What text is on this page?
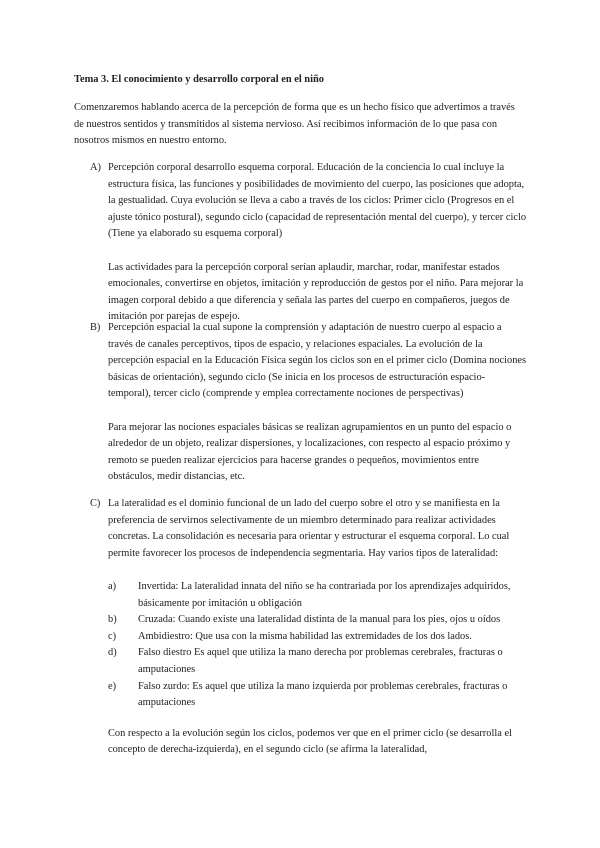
Tema 3. El conocimiento y desarrollo corporal en el niño

Comenzaremos hablando acerca de la percepción de forma que es un hecho físico que advertimos a través de nuestros sentidos y transmitidos al sistema nervioso. Así recibimos información de lo que pasa con nosotros mismos en nuestro entorno.

A) Percepción corporal desarrollo esquema corporal. Educación de la conciencia lo cual incluye la estructura física, las funciones y posibilidades de movimiento del cuerpo, las posiciones que adopta, la gestualidad. Cuya evolución se lleva a cabo a través de los ciclos: Primer ciclo (Progresos en el ajuste tónico postural), segundo ciclo (capacidad de representación mental del cuerpo), y tercer ciclo (Tiene ya elaborado su esquema corporal)

Las actividades para la percepción corporal serían aplaudir, marchar, rodar, manifestar estados emocionales, convertirse en objetos, imitación y reproducción de gestos por el niño. Para mejorar la imagen corporal debido a que diferencia y señala las partes del cuerpo en compañeros, juegos de imitación por parejas de espejo.

B) Percepción espacial la cual supone la comprensión y adaptación de nuestro cuerpo al espacio a través de canales perceptivos, tipos de espacio, y relaciones espaciales. La evolución de la percepción espacial en la Educación Física según los ciclos son en el primer ciclo (Domina nociones básicas de orientación), segundo ciclo (Se inicia en los procesos de estructuración espacio-temporal), tercer ciclo (comprende y emplea correctamente nociones de perspectivas)

Para mejorar las nociones espaciales básicas se realizan agrupamientos en un punto del espacio o alrededor de un objeto, realizar dispersiones, y localizaciones, con respecto al espacio próximo y remoto se pueden realizar ejercicios para hacerse grandes o pequeños, movimientos entre obstáculos, medir distancias, etc.

C) La lateralidad es el dominio funcional de un lado del cuerpo sobre el otro y se manifiesta en la preferencia de servirnos selectivamente de un miembro determinado para realizar actividades concretas. La consolidación es necesaria para orientar y estructurar el esquema corporal. Lo cual permite favorecer los procesos de independencia segmentaria. Hay varios tipos de lateralidad:

a)	Invertida: La lateralidad innata del niño se ha contrariada por los aprendizajes adquiridos, básicamente por imitación u obligación
b)	Cruzada: Cuando existe una lateralidad distinta de la manual para los pies, ojos u oídos
c)	Ambidiestro: Que usa con la misma habilidad las extremidades de los dos lados.
d)	Falso diestro Es aquel que utiliza la mano derecha por problemas cerebrales, fracturas o amputaciones
e)	Falso zurdo: Es aquel que utiliza la mano izquierda por problemas cerebrales, fracturas o amputaciones

Con respecto a la evolución según los ciclos, podemos ver que en el primer ciclo (se desarrolla el concepto de derecha-izquierda), en el segundo ciclo (se afirma la lateralidad,
